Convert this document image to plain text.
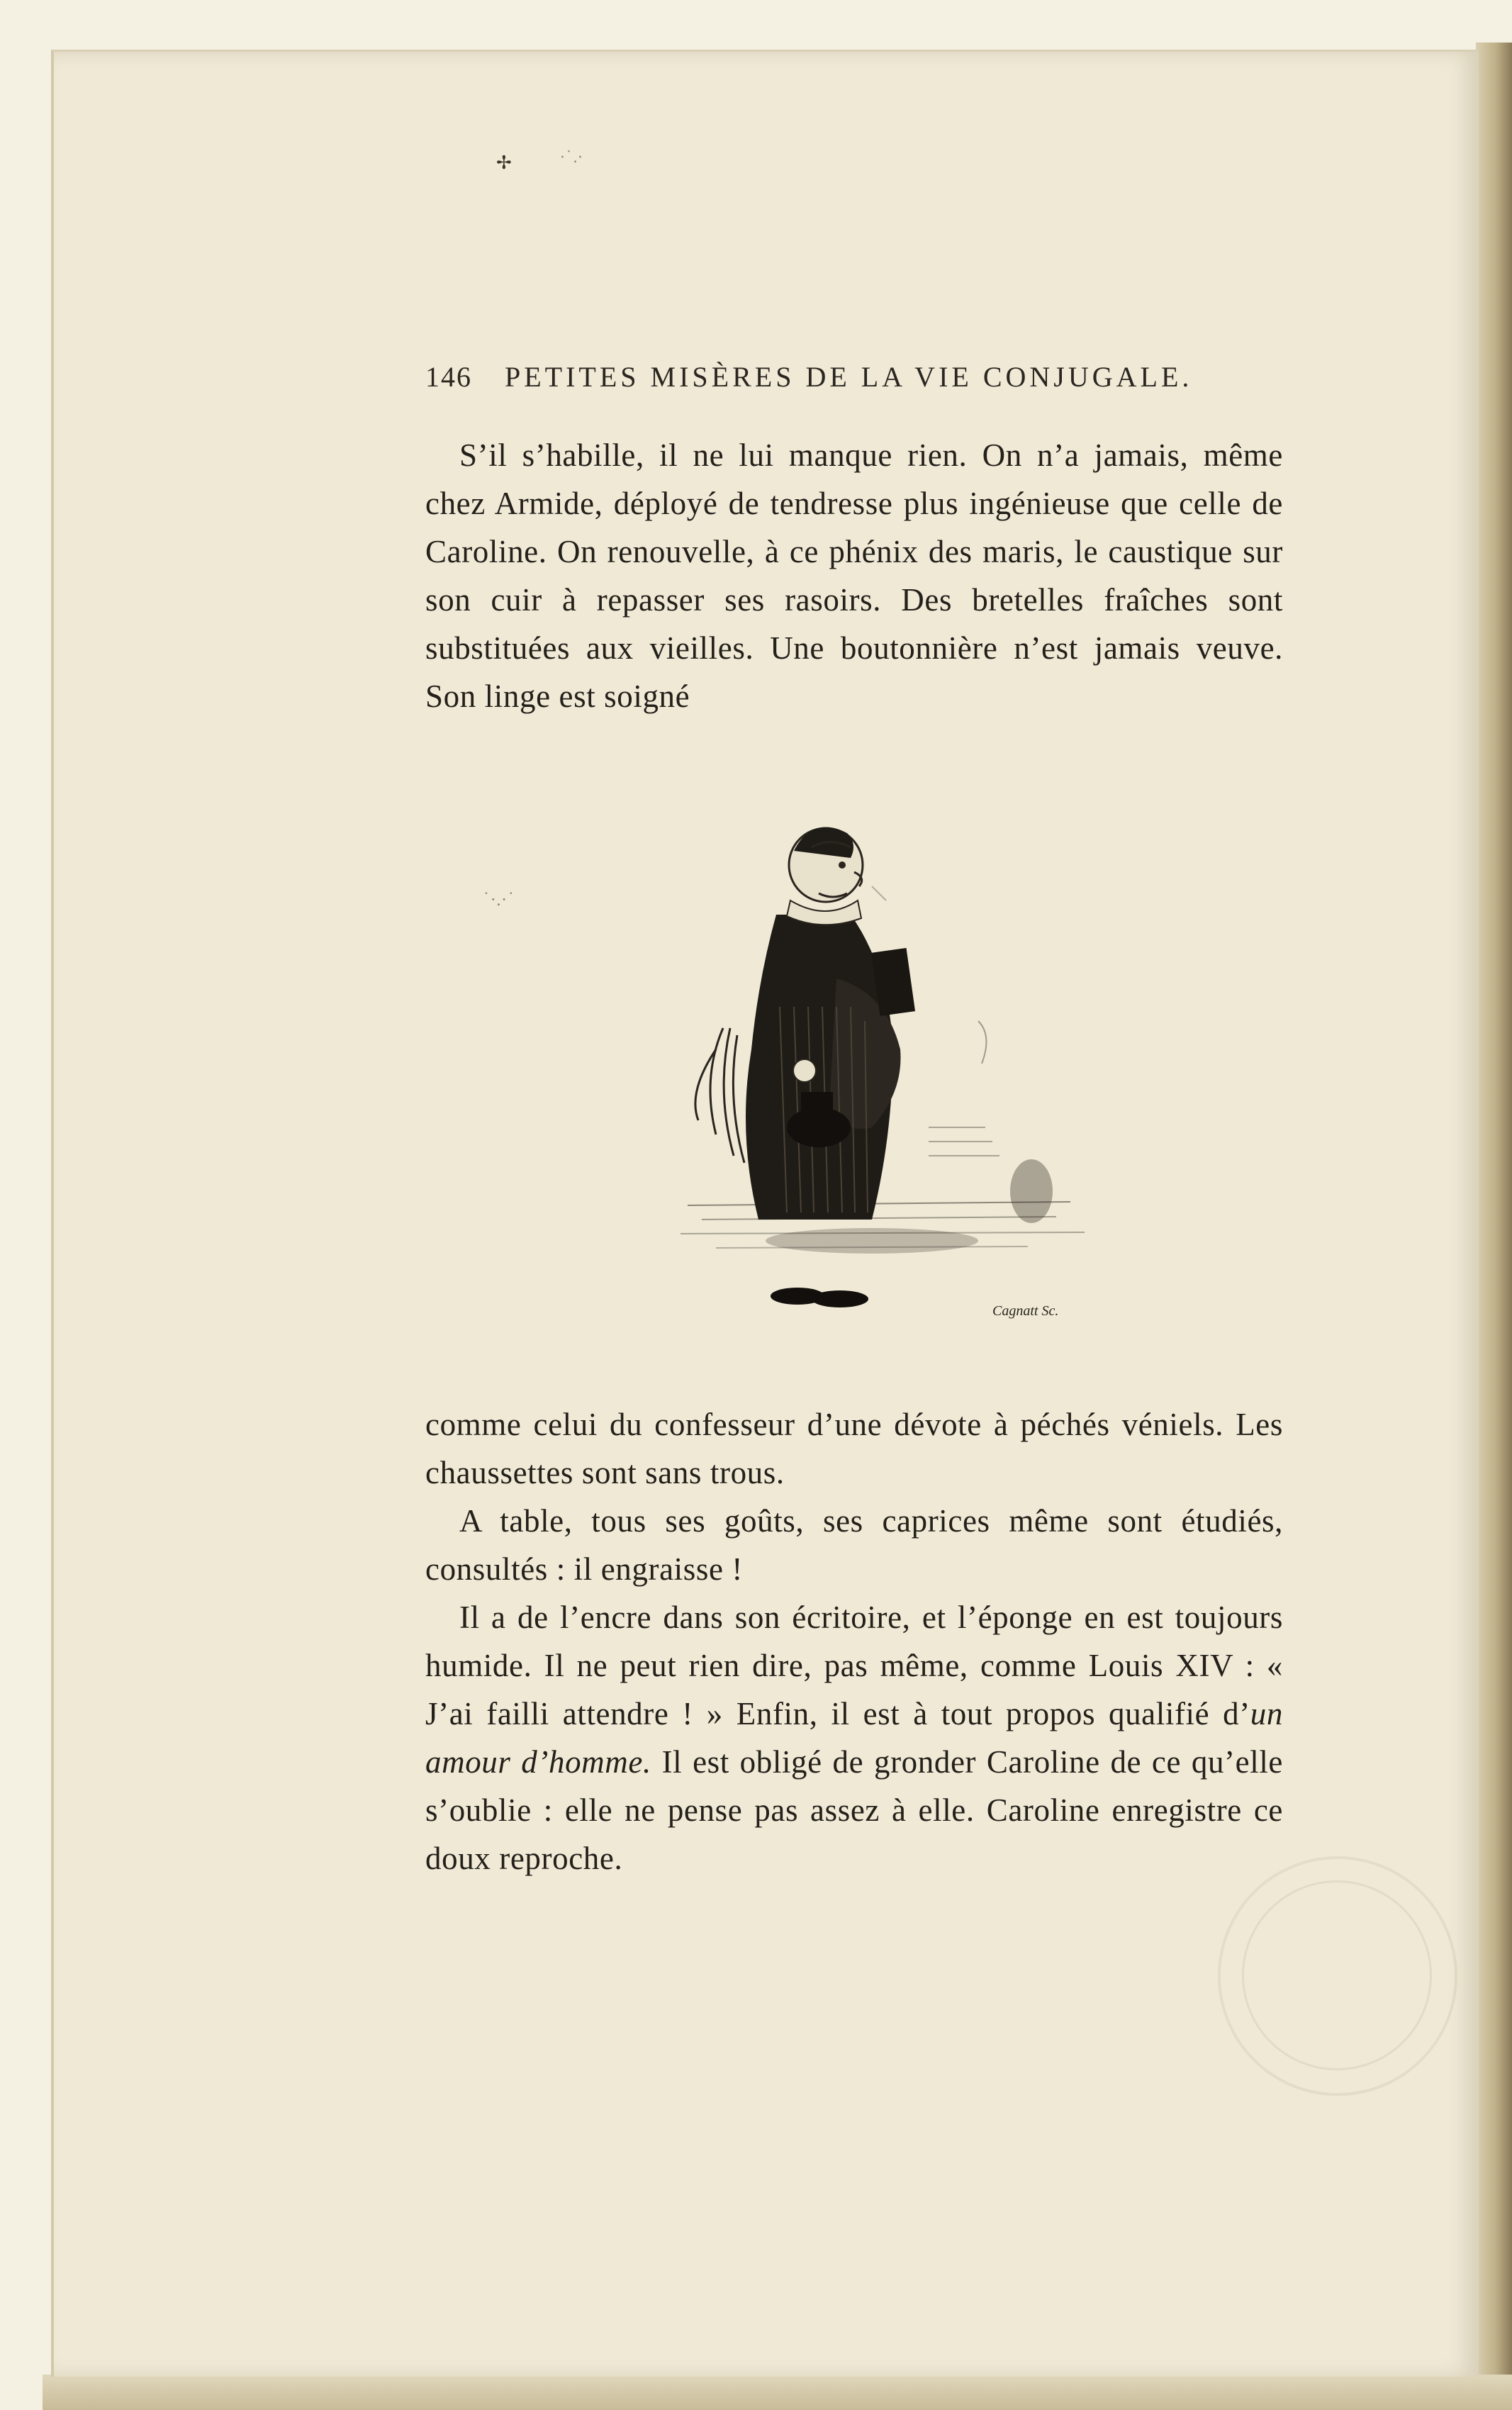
✢	·˙.·
˙·.·˙
146 PETITES MISÈRES DE LA VIE CONJUGALE.

S’il s’habille, il ne lui manque rien. On n’a jamais, même chez Armide, déployé de tendresse plus ingénieuse que celle de Caroline. On renouvelle, à ce phénix des maris, le caustique sur son cuir à repasser ses rasoirs. Des bretelles fraîches sont substituées aux vieilles. Une boutonnière n’est jamais veuve. Son linge est soigné

Cagnatt Sc.

comme celui du confesseur d’une dévote à péchés véniels. Les chaussettes sont sans trous.

A table, tous ses goûts, ses caprices même sont étudiés, consultés : il engraisse !

Il a de l’encre dans son écritoire, et l’éponge en est toujours humide. Il ne peut rien dire, pas même, comme Louis XIV : « J’ai failli attendre ! » Enfin, il est à tout propos qualifié d’un amour d’homme. Il est obligé de gronder Caroline de ce qu’elle s’oublie : elle ne pense pas assez à elle. Caroline enregistre ce doux reproche.
